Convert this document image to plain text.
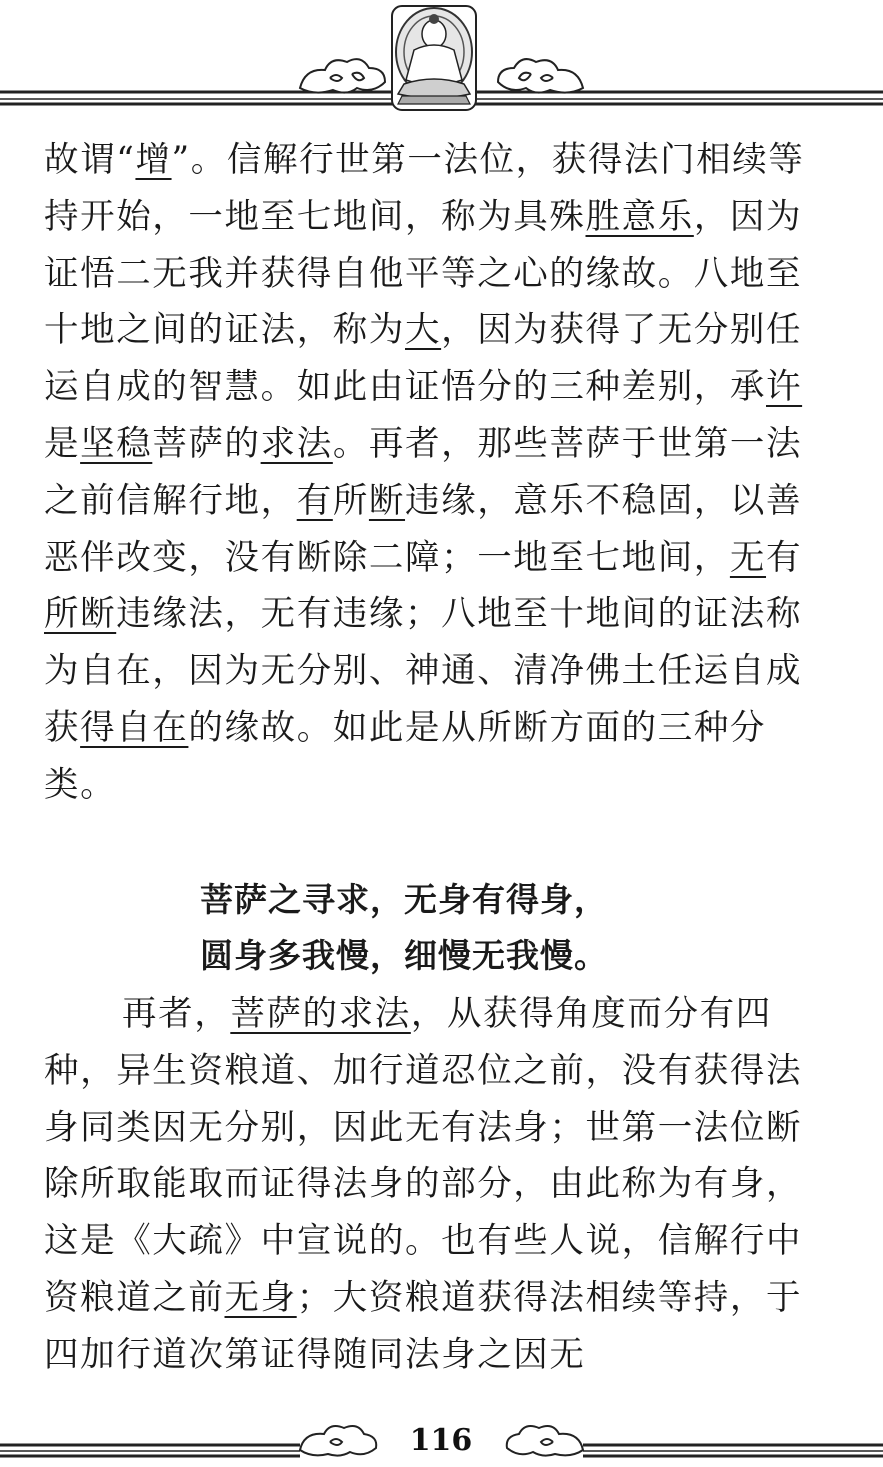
故谓“增”。信解行世第一法位，获得法门相续等持开始，一地至七地间，称为具殊胜意乐，因为证悟二无我并获得自他平等之心的缘故。八地至十地之间的证法，称为大，因为获得了无分别任运自成的智慧。如此由证悟分的三种差别，承许是坚稳菩萨的求法。再者，那些菩萨于世第一法之前信解行地，有所断违缘，意乐不稳固，以善恶伴改变，没有断除二障；一地至七地间，无有所断违缘法，无有违缘；八地至十地间的证法称为自在，因为无分别、神通、清净佛土任运自成获得自在的缘故。如此是从所断方面的三种分类。

菩萨之寻求，无身有得身，

圆身多我慢，细慢无我慢。

再者，菩萨的求法，从获得角度而分有四种，异生资粮道、加行道忍位之前，没有获得法身同类因无分别，因此无有法身；世第一法位断除所取能取而证得法身的部分，由此称为有身，这是《大疏》中宣说的。也有些人说，信解行中资粮道之前无身；大资粮道获得法相续等持，于四加行道次第证得随同法身之因无

116
